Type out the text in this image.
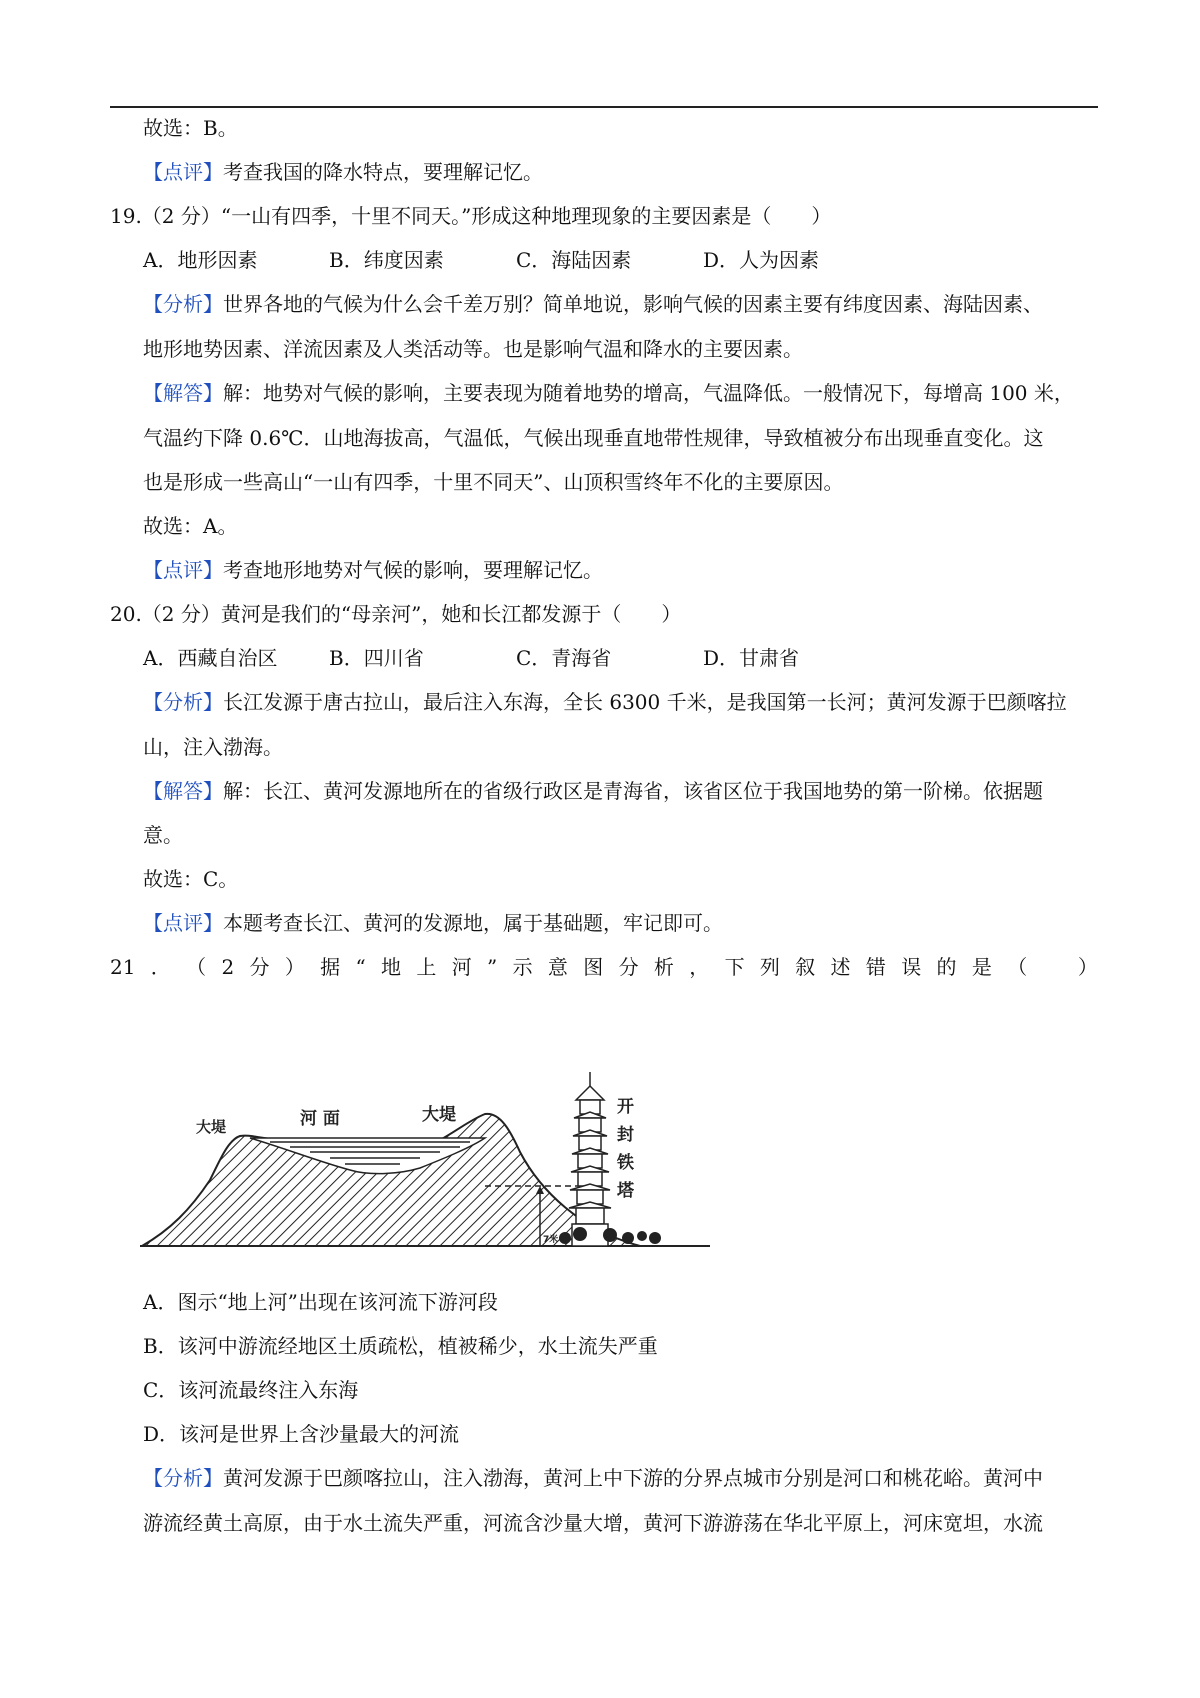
故选：B。
【点评】考查我国的降水特点，要理解记忆。
19.（2 分）“一山有四季，十里不同天。”形成这种地理现象的主要因素是（　　）
A．地形因素	B．纬度因素	C．海陆因素	D．人为因素
【分析】世界各地的气候为什么会千差万别？简单地说，影响气候的因素主要有纬度因素、海陆因素、
地形地势因素、洋流因素及人类活动等。也是影响气温和降水的主要因素。
【解答】解：地势对气候的影响，主要表现为随着地势的增高，气温降低。一般情况下，每增高 100 米，
气温约下降 0.6℃．山地海拔高，气温低，气候出现垂直地带性规律，导致植被分布出现垂直变化。这
也是形成一些高山“一山有四季，十里不同天”、山顶积雪终年不化的主要原因。
故选：A。
【点评】考查地形地势对气候的影响，要理解记忆。
20.（2 分）黄河是我们的“母亲河”，她和长江都发源于（　　）
A．西藏自治区	B．四川省	C．青海省	D．甘肃省
【分析】长江发源于唐古拉山，最后注入东海，全长 6300 千米，是我国第一长河；黄河发源于巴颜喀拉
山，注入渤海。
【解答】解：长江、黄河发源地所在的省级行政区是青海省，该省区位于我国地势的第一阶梯。依据题
意。
故选：C。
【点评】本题考查长江、黄河的发源地，属于基础题，牢记即可。
21 ． （ 2 分 ） 据 “ 地 上 河 ” 示 意 图 分 析 ， 下 列 叙 述 错 误 的 是 （
　	）
7米
大堤	河 面	大堤	开
封
铁
塔
A．图示“地上河”出现在该河流下游河段
B．该河中游流经地区土质疏松，植被稀少，水土流失严重
C．该河流最终注入东海
D．该河是世界上含沙量最大的河流
【分析】黄河发源于巴颜喀拉山，注入渤海，黄河上中下游的分界点城市分别是河口和桃花峪。黄河中
游流经黄土高原，由于水土流失严重，河流含沙量大增，黄河下游游荡在华北平原上，河床宽坦，水流
